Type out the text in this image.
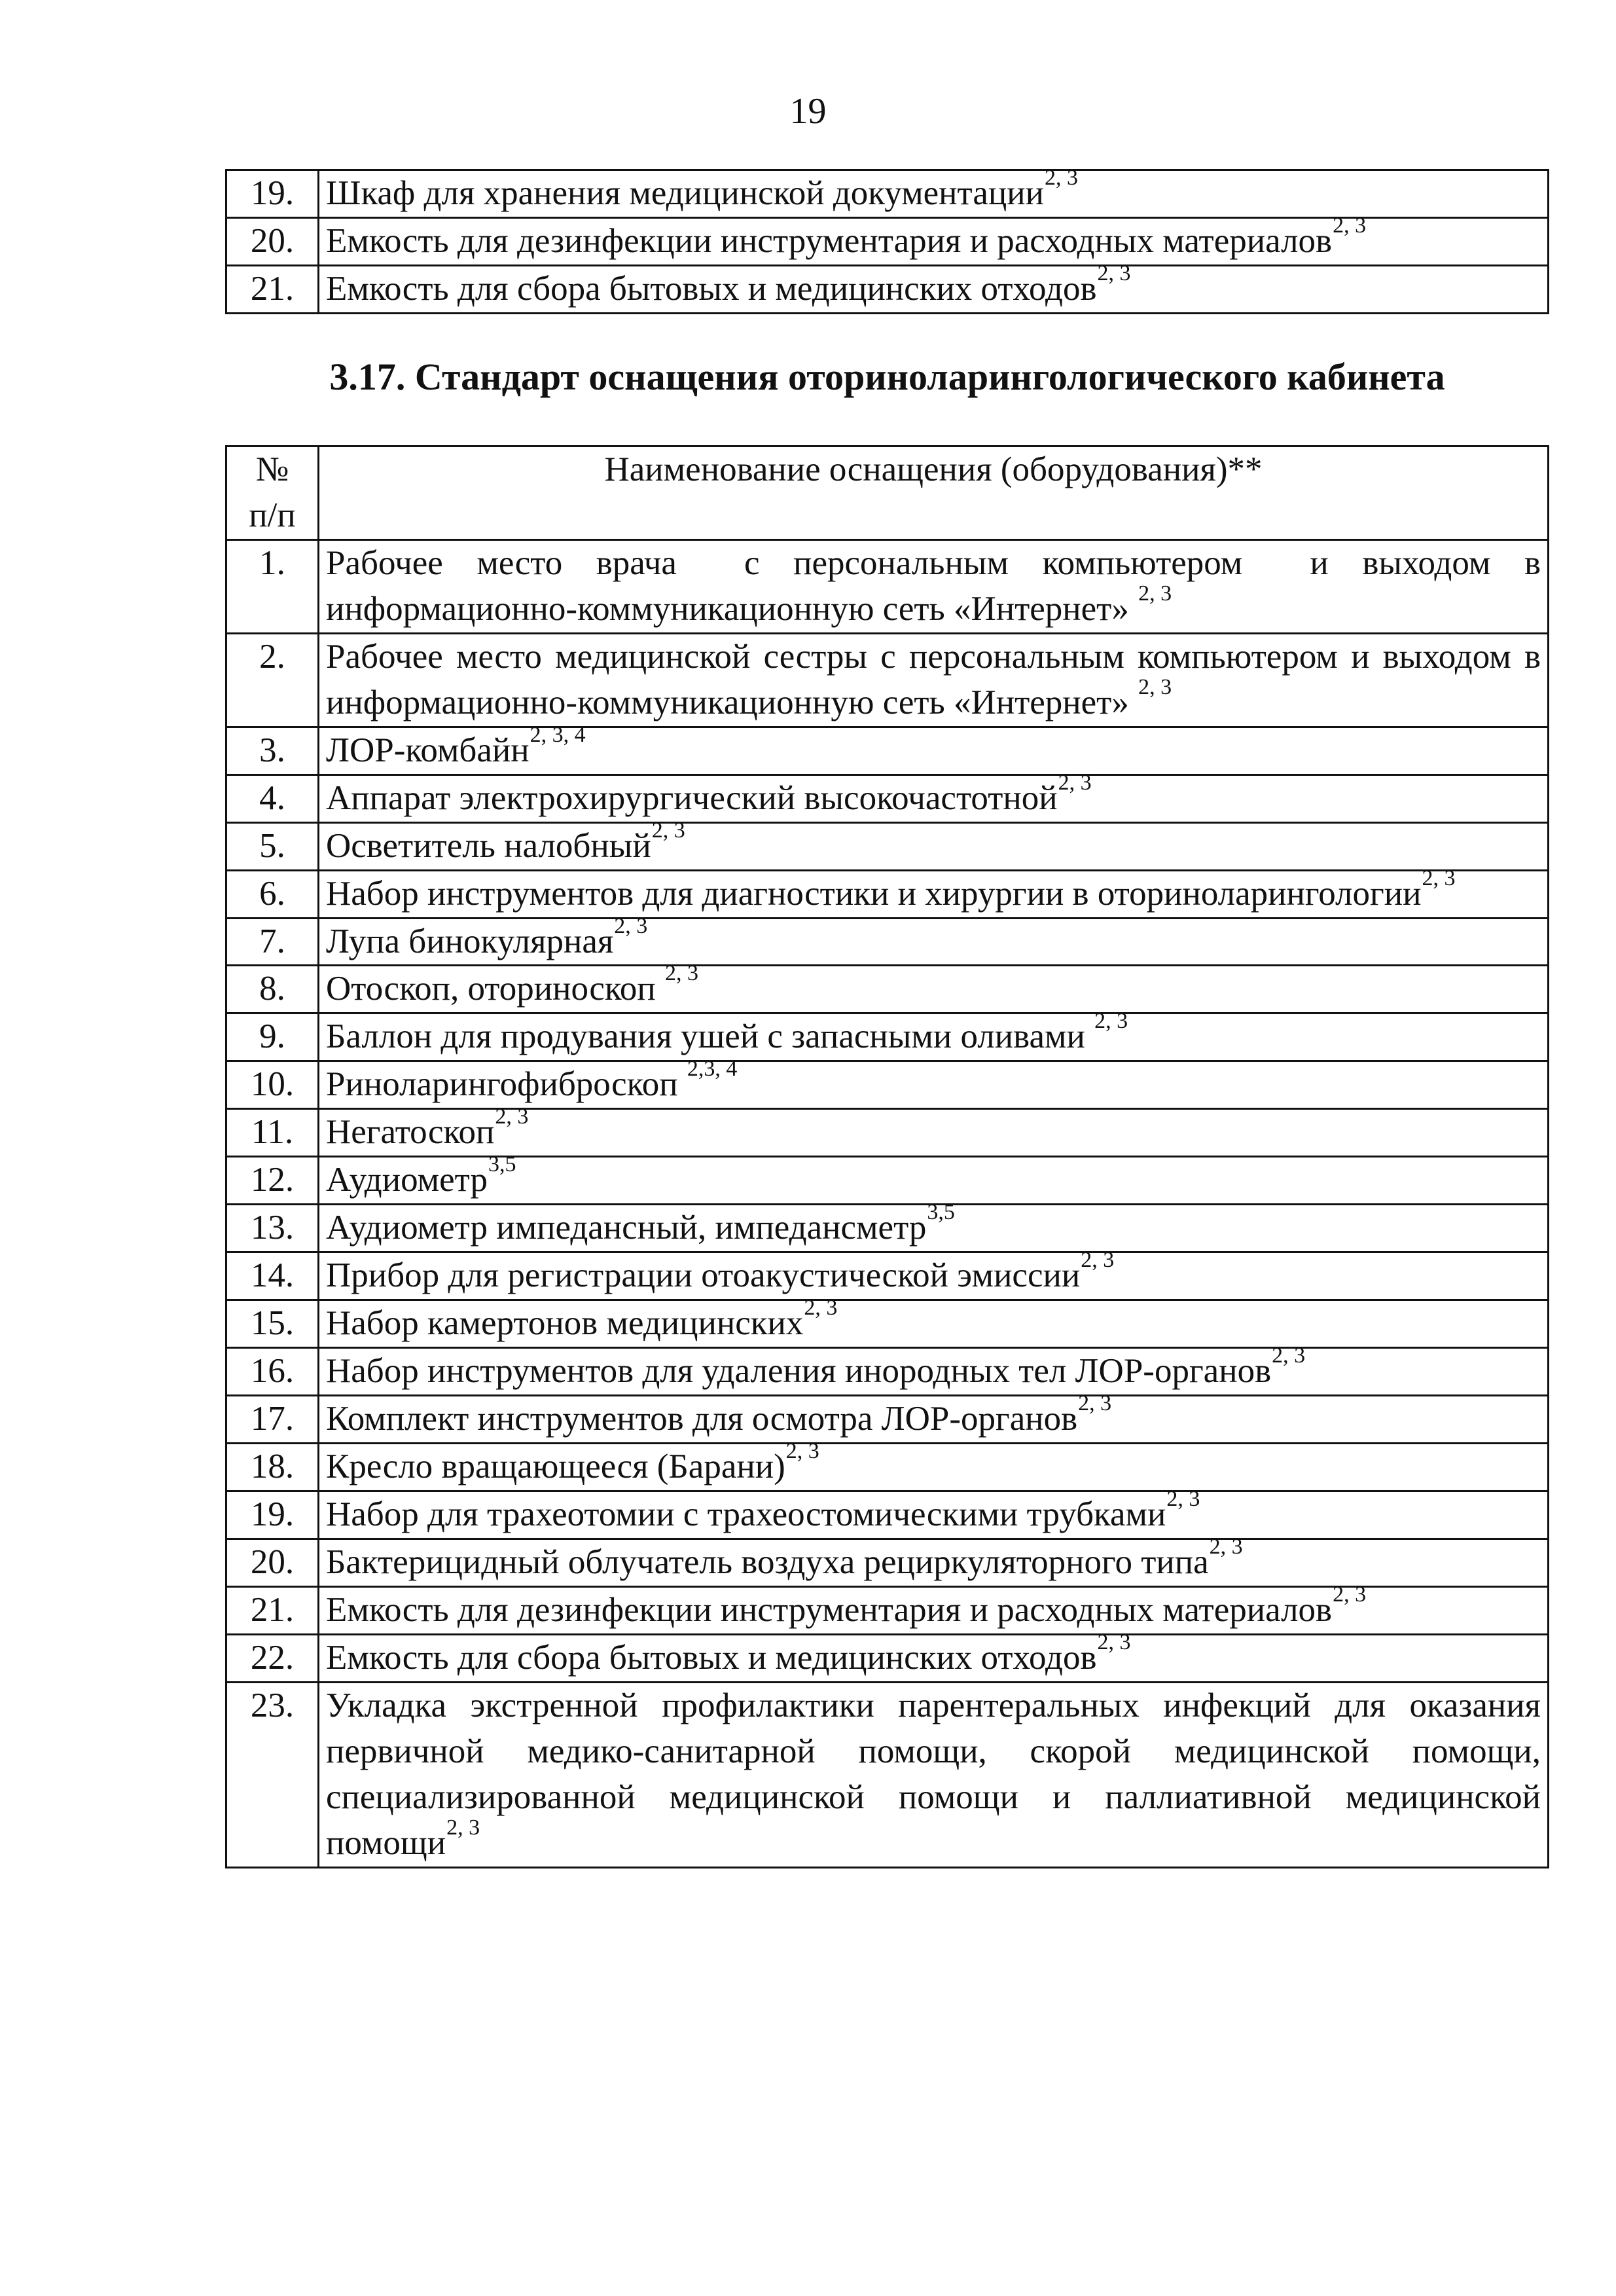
19
19.	Шкаф для хранения медицинской документации$^{2, 3}$
20.	Емкость для дезинфекции инструментария и расходных материалов$^{2, 3}$
21.	Емкость для сбора бытовых и медицинских отходов$^{2, 3}$
3.17. Стандарт оснащения оториноларингологического кабинета
№
п/п	Наименование оснащения (оборудования)**
1.	Рабочее место врача  с персональным компьютером  и выходом в информационно-коммуникационную сеть «Интернет» $^{2, 3}$
2.	Рабочее место медицинской сестры с персональным компьютером и выходом в  информационно-коммуникационную сеть «Интернет» $^{2, 3}$
3.	ЛОР-комбайн$^{2, 3, 4}$
4.	Аппарат электрохирургический высокочастотной$^{2, 3}$
5.	Осветитель налобный$^{2, 3}$
6.	Набор инструментов для диагностики и хирургии в оториноларингологии$^{2, 3}$
7.	Лупа бинокулярная$^{2, 3}$
8.	Отоскоп, оториноскоп $^{2, 3}$
9.	Баллон для продувания ушей с запасными оливами $^{2, 3}$
10.	Риноларингофиброскоп $^{2,3, 4}$
11.	Негатоскоп$^{2, 3}$
12.	Аудиометр$^{3,5}$
13.	Аудиометр импедансный, импедансметр$^{3,5}$
14.	Прибор для регистрации отоакустической эмиссии$^{2, 3}$
15.	Набор камертонов медицинских$^{2, 3}$
16.	Набор инструментов для удаления инородных тел ЛОР-органов$^{2, 3}$
17.	Комплект инструментов для осмотра ЛОР-органов$^{2, 3}$
18.	Кресло вращающееся (Барани)$^{2, 3}$
19.	Набор для трахеотомии с трахеостомическими трубками$^{2, 3}$
20.	Бактерицидный облучатель воздуха рециркуляторного типа$^{2, 3}$
21.	Емкость для дезинфекции инструментария и расходных материалов$^{2, 3}$
22.	Емкость для сбора бытовых и медицинских отходов$^{2, 3}$
23.	Укладка экстренной профилактики парентеральных инфекций для оказания первичной медико-санитарной помощи, скорой медицинской помощи, специализированной медицинской помощи и паллиативной медицинской помощи$^{2, 3}$
